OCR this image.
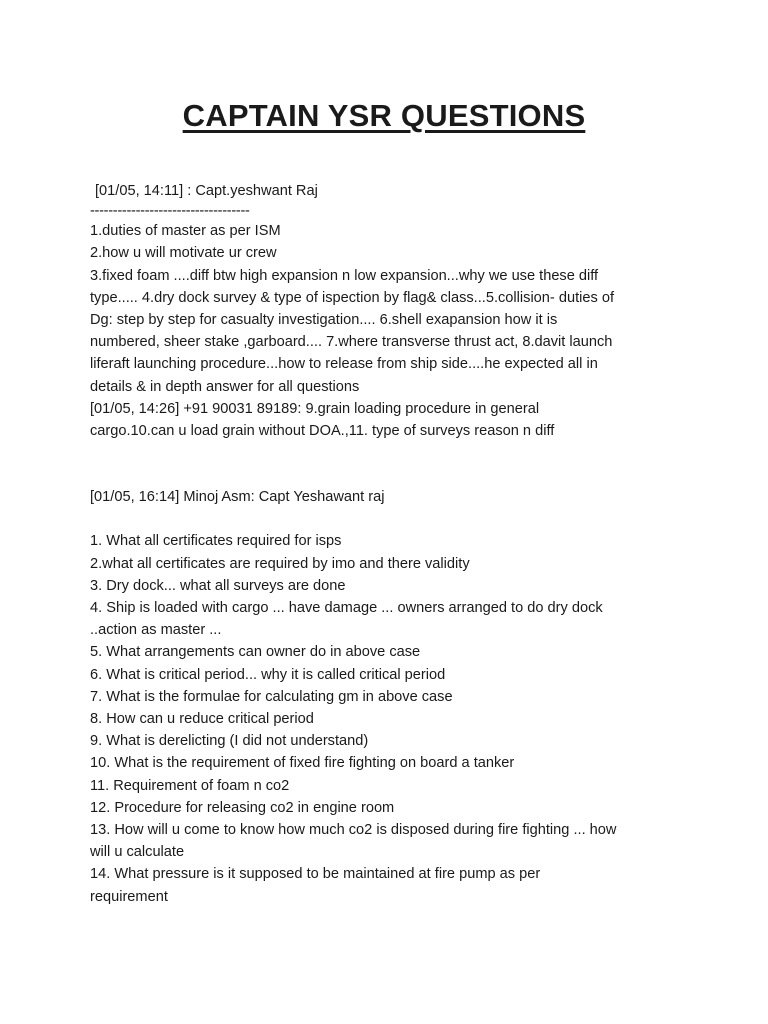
CAPTAIN YSR QUESTIONS
[01/05, 14:11] : Capt.yeshwant Raj
-----------------------------------
1.duties of master as per ISM
2.how u will motivate ur crew
3.fixed foam ....diff btw high expansion n low expansion...why we use these diff
type..... 4.dry dock survey & type of ispection by flag& class...5.collision- duties of
Dg: step by step for casualty investigation.... 6.shell exapansion how it is
numbered, sheer stake ,garboard.... 7.where transverse thrust act, 8.davit launch
liferaft launching procedure...how to release from ship side....he expected all in
details & in depth answer for all questions
[01/05, 14:26] +91 90031 89189: 9.grain loading procedure in general
cargo.10.can u load grain without DOA.,11. type of surveys reason n diff
[01/05, 16:14] Minoj Asm: Capt Yeshawant raj
1. What all certificates required for isps
2.what all certificates are required by imo and there validity
3. Dry dock... what all surveys are done
4. Ship is loaded with cargo ... have damage ... owners arranged to do dry dock
..action as master ...
5. What arrangements can owner do in above case
6. What is critical period... why it is called critical period
7. What is the formulae for calculating gm in above case
8. How can u reduce critical period
9. What is derelicting (I did not understand)
10. What is the requirement of fixed fire fighting on board a tanker
11. Requirement of foam n co2
12. Procedure for releasing co2 in engine room
13. How will u come to know how much co2 is disposed during fire fighting ... how
will u calculate
14. What pressure is it supposed to be maintained at fire pump as per
requirement
